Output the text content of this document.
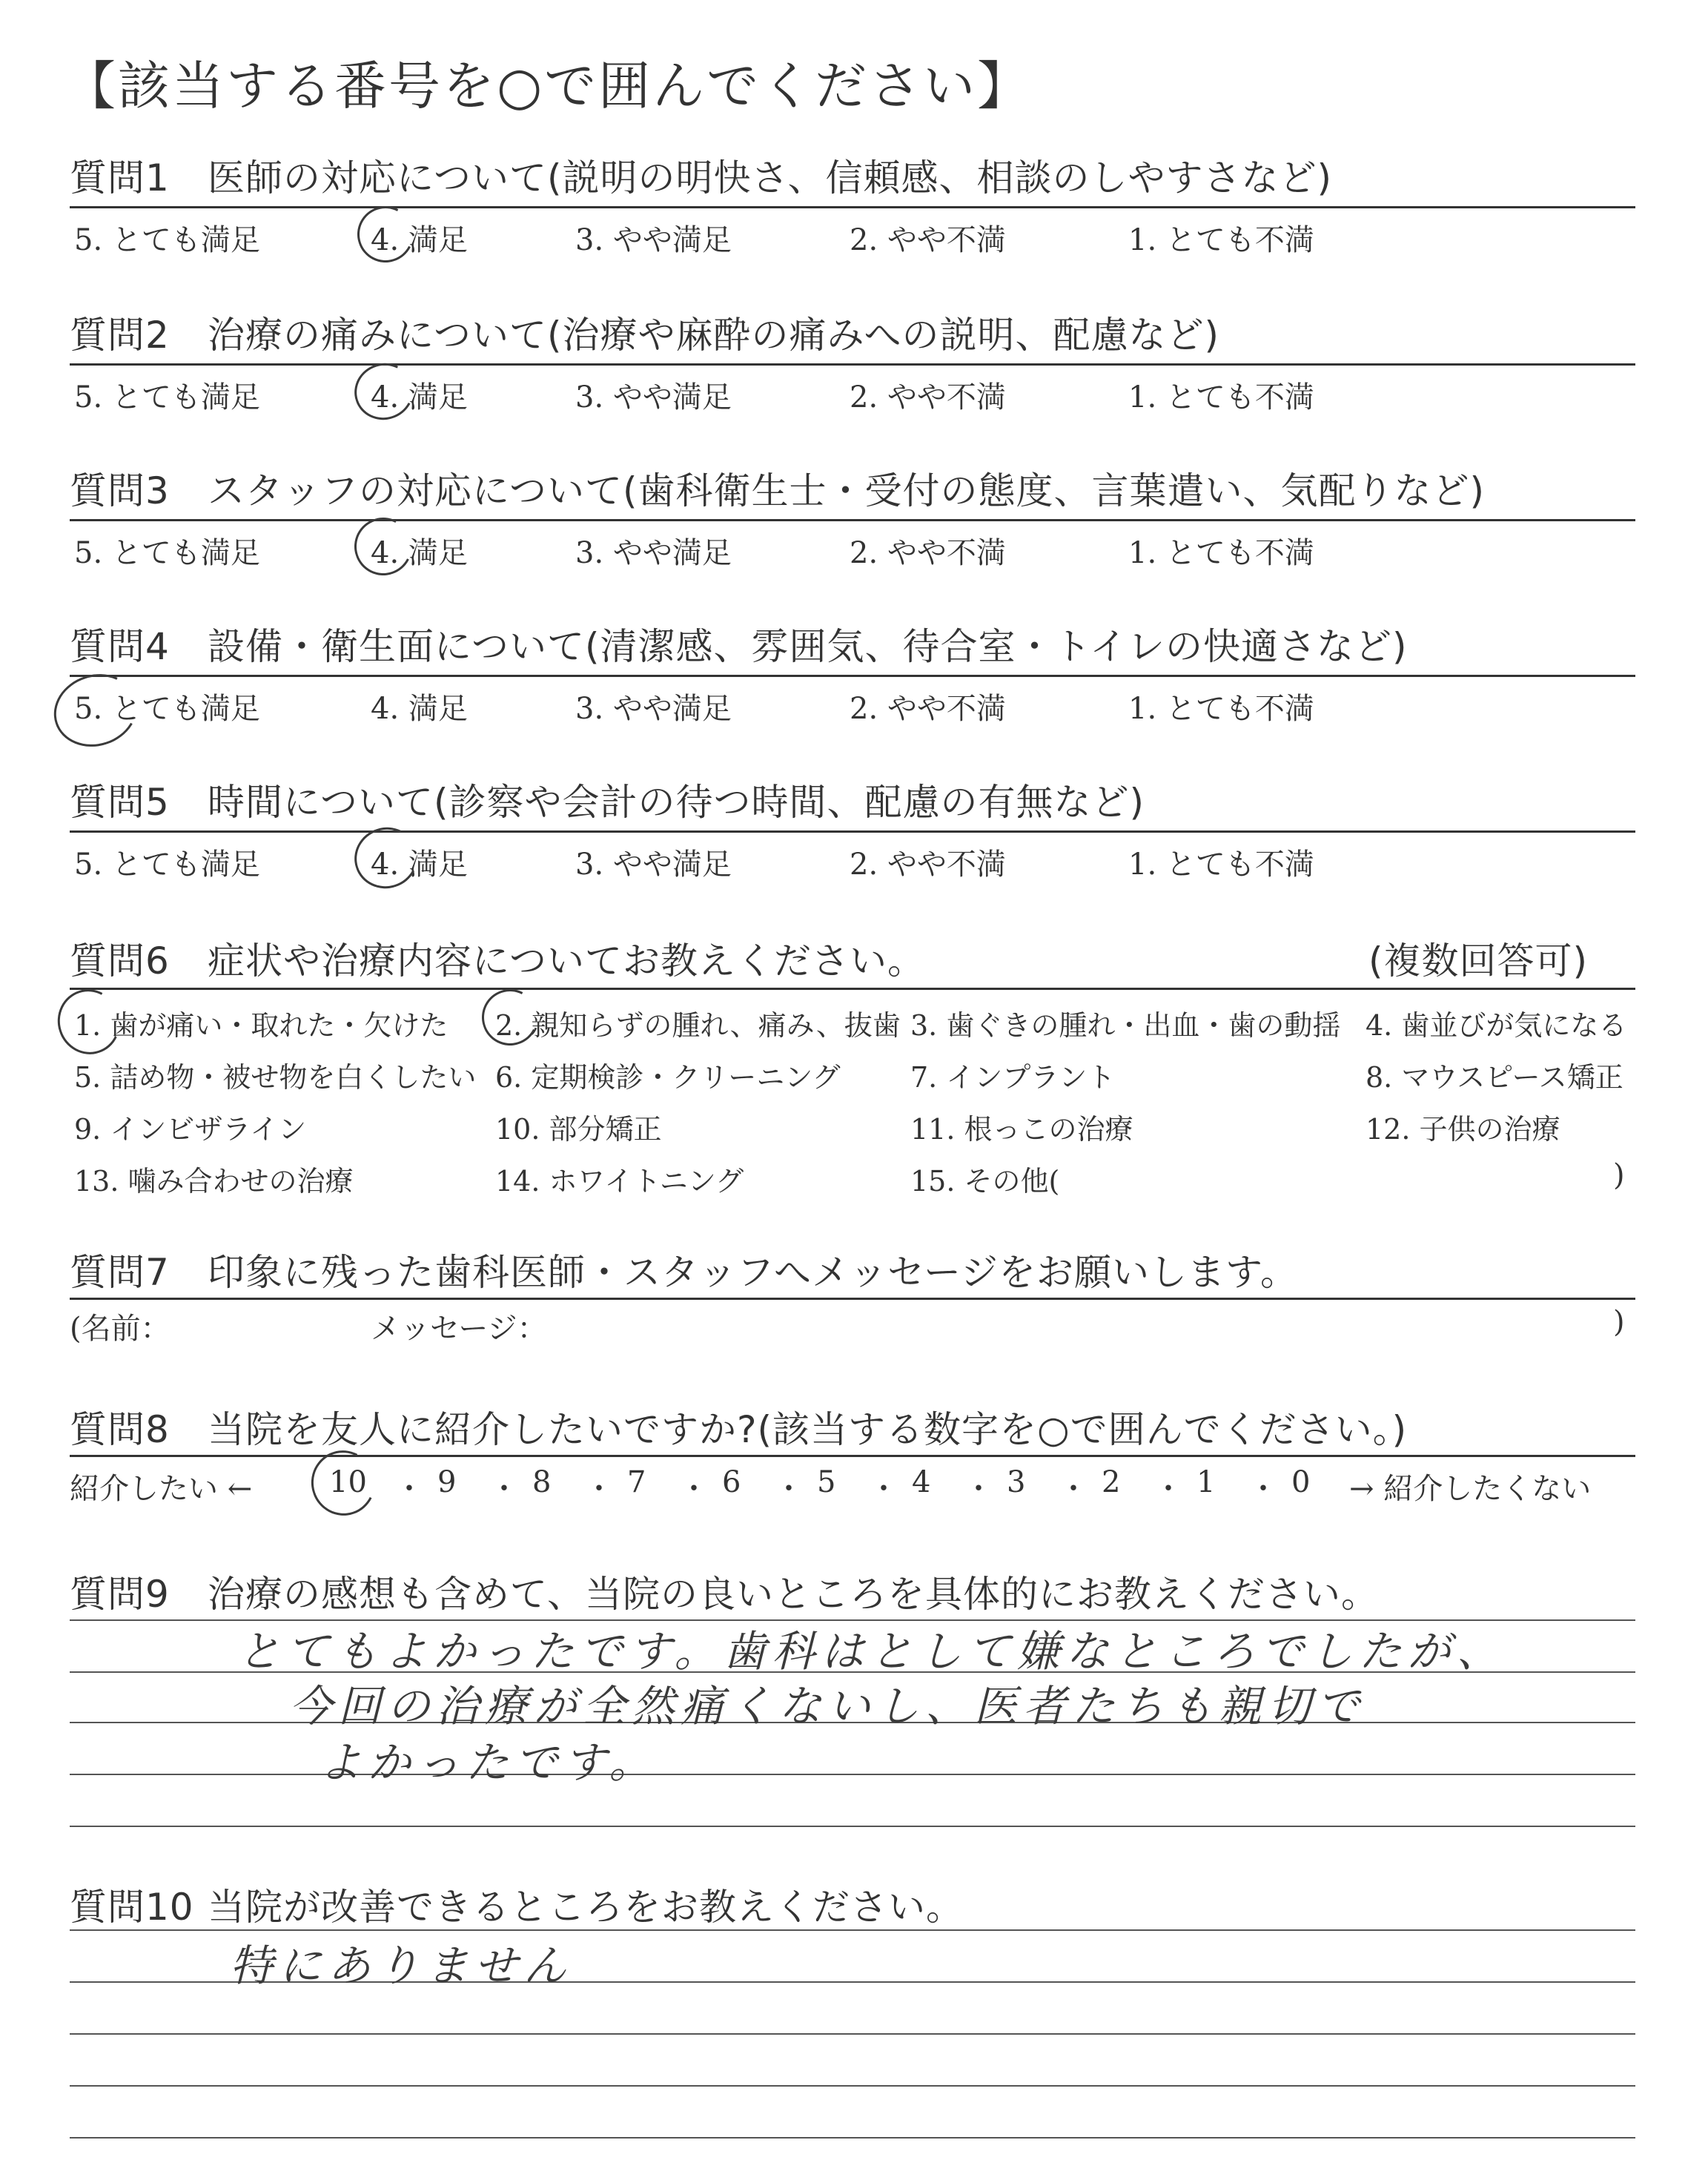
【該当する番号を○で囲んでください】
質問1 医師の対応について(説明の明快さ、信頼感、相談のしやすさなど)
5. とても満足	4. 満足	3. やや満足	2. やや不満	1. とても不満
質問2 治療の痛みについて(治療や麻酔の痛みへの説明、配慮など)
5. とても満足	4. 満足	3. やや満足	2. やや不満	1. とても不満
質問3 スタッフの対応について(歯科衛生士・受付の態度、言葉遣い、気配りなど)
5. とても満足	4. 満足	3. やや満足	2. やや不満	1. とても不満
質問4 設備・衛生面について(清潔感、雰囲気、待合室・トイレの快適さなど)
5. とても満足	4. 満足	3. やや満足	2. やや不満	1. とても不満
質問5 時間について(診察や会計の待つ時間、配慮の有無など)
5. とても満足	4. 満足	3. やや満足	2. やや不満	1. とても不満
質問6 症状や治療内容についてお教えください。	(複数回答可)
1. 歯が痛い・取れた・欠けた 2. 親知らずの腫れ、痛み、抜歯 3. 歯ぐきの腫れ・出血・歯の動揺 4. 歯並びが気になる
5. 詰め物・被せ物を白くしたい 6. 定期検診・クリーニング 7. インプラント	8. マウスピース矯正
9. インビザライン	10. 部分矯正	11. 根っこの治療	12. 子供の治療
13. 噛み合わせの治療	14. ホワイトニング	15. その他(	)
質問7 印象に残った歯科医師・スタッフへメッセージをお願いします。
(名前：	メッセージ：	)
質問8 当院を友人に紹介したいですか?(該当する数字を○で囲んでください。)
紹介したい ←	→ 紹介したくない
10 9	8	7	6	5	4	3	2	1	0
・ ・ ・ ・ ・ ・ ・ ・ ・ ・
質問9 治療の感想も含めて、当院の良いところを具体的にお教えください。
とてもよかったです。歯科はとして嫌なところでしたが、
今回の治療が全然痛くないし、医者たちも親切で
よかったです。
質問10 当院が改善できるところをお教えください。
特にありません
